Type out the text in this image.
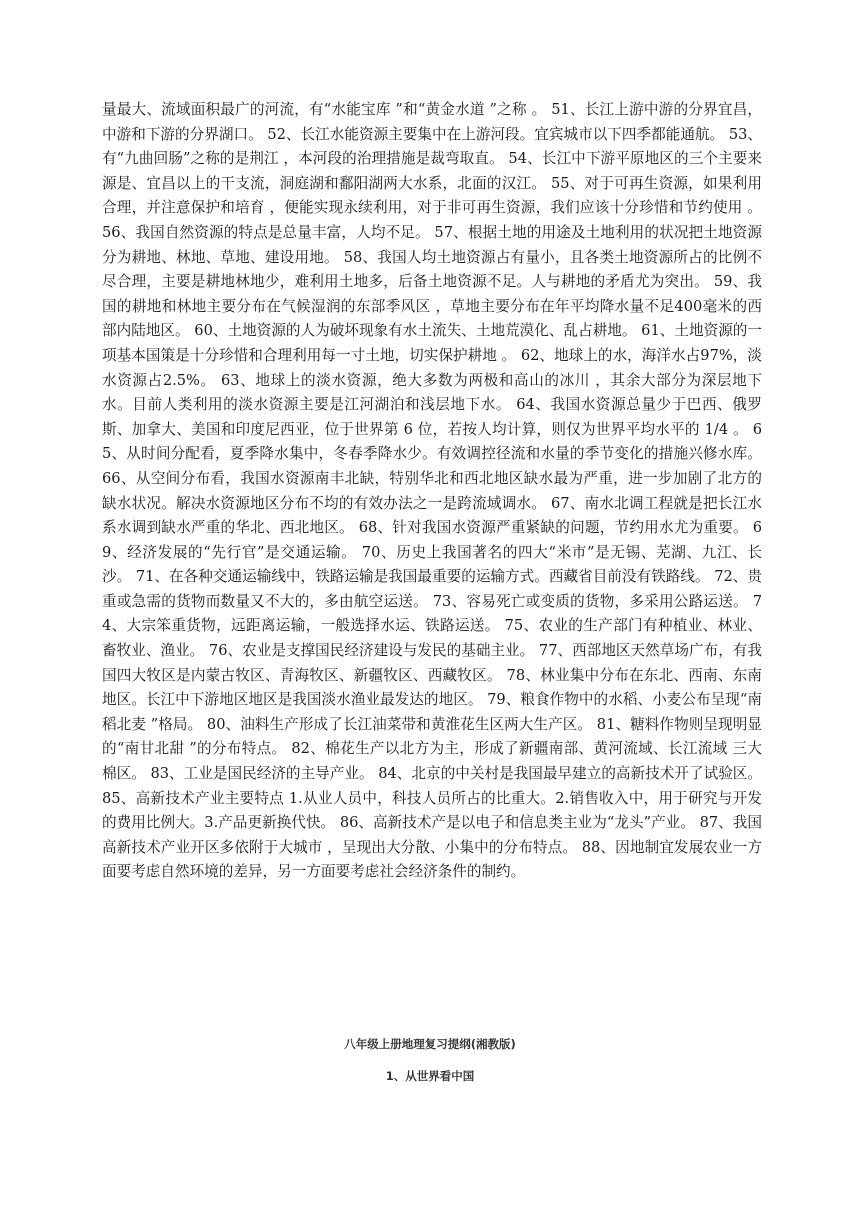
量最大、流域面积最广的河流，有“水能宝库 ”和“黄金水道 ”之称 。 51、长江上游中游的分界宜昌，中游和下游的分界湖口。 52、长江水能资源主要集中在上游河段。宜宾城市以下四季都能通航。 53、有“九曲回肠”之称的是荆江 ，本河段的治理措施是裁弯取直。 54、长江中下游平原地区的三个主要来源是、宜昌以上的干支流，洞庭湖和鄱阳湖两大水系，北面的汉江。 55、对于可再生资源，如果利用合理，并注意保护和培育 ，便能实现永续利用，对于非可再生资源，我们应该十分珍惜和节约使用 。 56、我国自然资源的特点是总量丰富，人均不足。 57、根据土地的用途及土地利用的状况把土地资源分为耕地、林地、草地、建设用地。 58、我国人均土地资源占有量小，且各类土地资源所占的比例不尽合理，主要是耕地林地少，难利用土地多，后备土地资源不足。人与耕地的矛盾尤为突出。 59、我国的耕地和林地主要分布在气候湿润的东部季风区 ，草地主要分布在年平均降水量不足400毫米的西部内陆地区。 60、土地资源的人为破坏现象有水土流失、土地荒漠化、乱占耕地。 61、土地资源的一项基本国策是十分珍惜和合理利用每一寸土地，切实保护耕地 。 62、地球上的水，海洋水占97%，淡水资源占2.5%。 63、地球上的淡水资源，绝大多数为两极和高山的冰川 ，其余大部分为深层地下水。目前人类利用的淡水资源主要是江河湖泊和浅层地下水。 64、我国水资源总量少于巴西、俄罗斯、加拿大、美国和印度尼西亚，位于世界第 6 位，若按人均计算，则仅为世界平均水平的 1/4 。 65、从时间分配看，夏季降水集中，冬春季降水少。有效调控径流和水量的季节变化的措施兴修水库。 66、从空间分布看，我国水资源南丰北缺，特别华北和西北地区缺水最为严重，进一步加剧了北方的缺水状况。解决水资源地区分布不均的有效办法之一是跨流域调水。 67、南水北调工程就是把长江水系水调到缺水严重的华北、西北地区。 68、针对我国水资源严重紧缺的问题，节约用水尤为重要。 69、经济发展的“先行官”是交通运输。 70、历史上我国著名的四大“米市”是无锡、芜湖、九江、长沙。 71、在各种交通运输线中，铁路运输是我国最重要的运输方式。西藏省目前没有铁路线。 72、贵重或急需的货物而数量又不大的，多由航空运送。 73、容易死亡或变质的货物，多采用公路运送。 74、大宗笨重货物，远距离运输，一般选择水运、铁路运送。 75、农业的生产部门有种植业、林业、畜牧业、渔业。 76、农业是支撑国民经济建设与发民的基础主业。 77、西部地区天然草场广布，有我国四大牧区是内蒙古牧区、青海牧区、新疆牧区、西藏牧区。 78、林业集中分布在东北、西南、东南地区。长江中下游地区地区是我国淡水渔业最发达的地区。 79、粮食作物中的水稻、小麦公布呈现“南稻北麦 ”格局。 80、油料生产形成了长江油菜带和黄淮花生区两大生产区。 81、糖料作物则呈现明显的“南甘北甜 ”的分布特点。 82、棉花生产以北方为主，形成了新疆南部、黄河流域、长江流域 三大棉区。 83、工业是国民经济的主导产业。 84、北京的中关村是我国最早建立的高新技术开了试验区。 85、高新技术产业主要特点 1.从业人员中，科技人员所占的比重大。2.销售收入中，用于研究与开发的费用比例大。3.产品更新换代快。 86、高新技术产是以电子和信息类主业为“龙头”产业。 87、我国高新技术产业开区多依附于大城市 ，呈现出大分散、小集中的分布特点。 88、因地制宜发展农业一方面要考虑自然环境的差异，另一方面要考虑社会经济条件的制约。
八年级上册地理复习提纲(湘教版)
1、从世界看中国
